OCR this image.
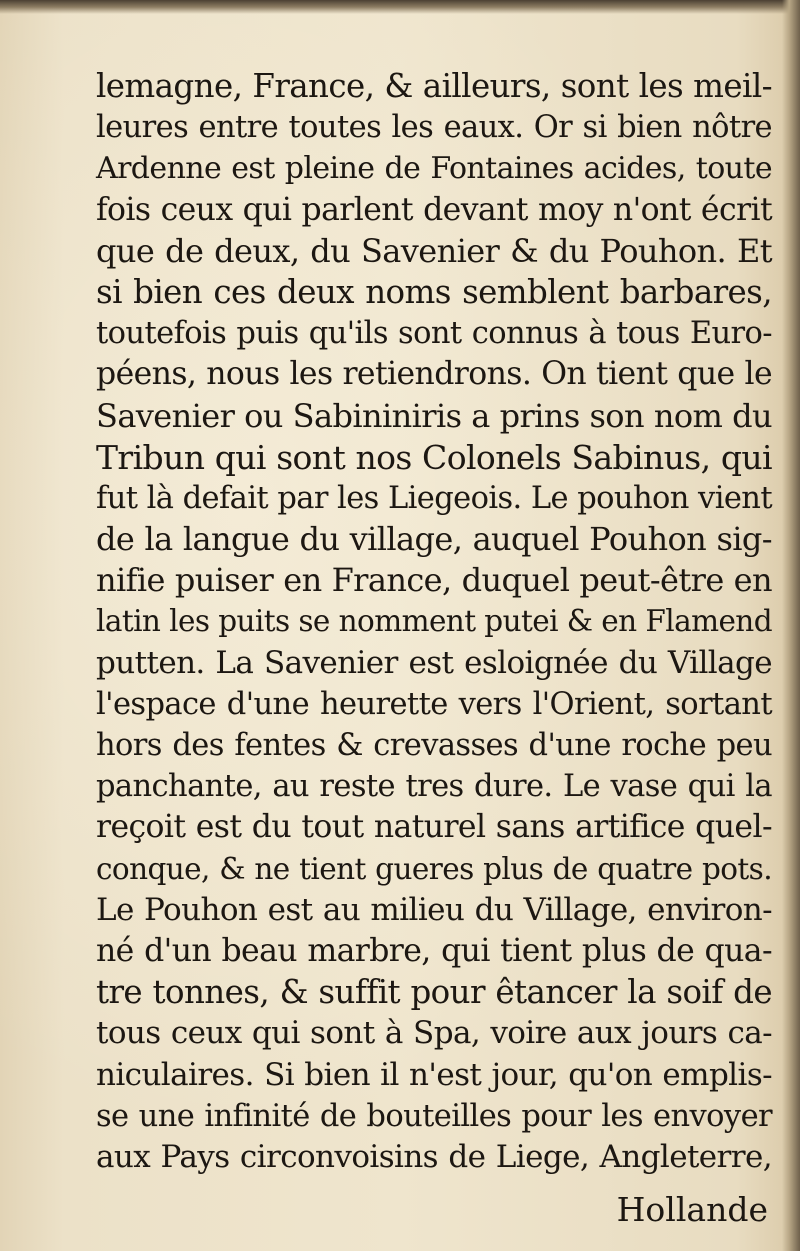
lemagne, France, & ailleurs, sont les meil-
leures entre toutes les eaux. Or si bien nôtre
Ardenne est pleine de Fontaines acides, toute
fois ceux qui parlent devant moy n'ont écrit
que de deux, du Savenier & du Pouhon. Et
si bien ces deux noms semblent barbares,
toutefois puis qu'ils sont connus à tous Euro-
péens, nous les retiendrons. On tient que le
Savenier ou Sabininiris a prins son nom du
Tribun qui sont nos Colonels Sabinus, qui
fut là defait par les Liegeois. Le pouhon vient
de la langue du village, auquel Pouhon sig-
nifie puiser en France, duquel peut-être en
latin les puits se nomment putei & en Flamend
putten. La Savenier est esloignée du Village
l'espace d'une heurette vers l'Orient, sortant
hors des fentes & crevasses d'une roche peu
panchante, au reste tres dure. Le vase qui la
reçoit est du tout naturel sans artifice quel-
conque, & ne tient gueres plus de quatre pots.
Le Pouhon est au milieu du Village, environ-
né d'un beau marbre, qui tient plus de qua-
tre tonnes, & suffit pour êtancer la soif de
tous ceux qui sont à Spa, voire aux jours ca-
niculaires. Si bien il n'est jour, qu'on emplis-
se une infinité de bouteilles pour les envoyer
aux Pays circonvoisins de Liege, Angleterre,
Hollande
